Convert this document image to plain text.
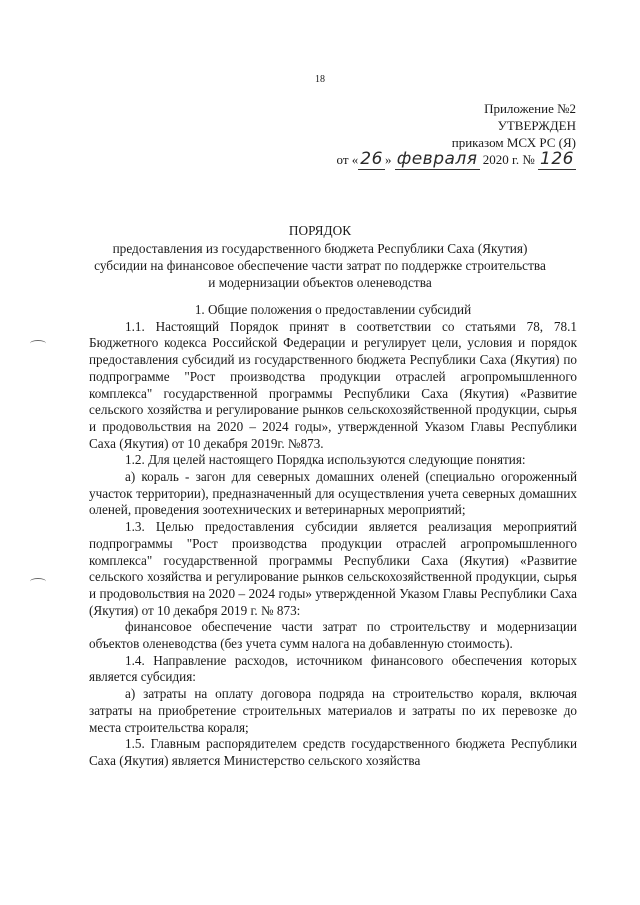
18
Приложение №2
УТВЕРЖДЕН
приказом МСХ РС (Я)
от « 26 » февраля 2020 г. № 126
ПОРЯДОК
предоставления из государственного бюджета Республики Саха (Якутия) субсидии на финансовое обеспечение части затрат по поддержке строительства и модернизации объектов оленеводства

1. Общие положения о предоставлении субсидий

1.1. Настоящий Порядок принят в соответствии со статьями 78, 78.1 Бюджетного кодекса Российской Федерации и регулирует цели, условия и порядок предоставления субсидий из государственного бюджета Республики Саха (Якутия) по подпрограмме "Рост производства продукции отраслей агропромышленного комплекса" государственной программы Республики Саха (Якутия) «Развитие сельского хозяйства и регулирование рынков сельскохозяйственной продукции, сырья и продовольствия на 2020 – 2024 годы», утвержденной Указом Главы Республики Саха (Якутия) от 10 декабря 2019г. №873.

1.2. Для целей настоящего Порядка используются следующие понятия:

а) кораль - загон для северных домашних оленей (специально огороженный участок территории), предназначенный для осуществления учета северных домашних оленей, проведения зоотехнических и ветеринарных мероприятий;

1.3. Целью предоставления субсидии является реализация мероприятий подпрограммы "Рост производства продукции отраслей агропромышленного комплекса" государственной программы Республики Саха (Якутия) «Развитие сельского хозяйства и регулирование рынков сельскохозяйственной продукции, сырья и продовольствия на 2020 – 2024 годы» утвержденной Указом Главы Республики Саха (Якутия) от 10 декабря 2019 г. № 873:

финансовое обеспечение части затрат по строительству и модернизации объектов оленеводства (без учета сумм налога на добавленную стоимость).

1.4. Направление расходов, источником финансового обеспечения которых является субсидия:

а) затраты на оплату договора подряда на строительство кораля, включая затраты на приобретение строительных материалов и затраты по их перевозке до места строительства кораля;

1.5. Главным распорядителем средств государственного бюджета Республики Саха (Якутия) является Министерство сельского хозяйства
